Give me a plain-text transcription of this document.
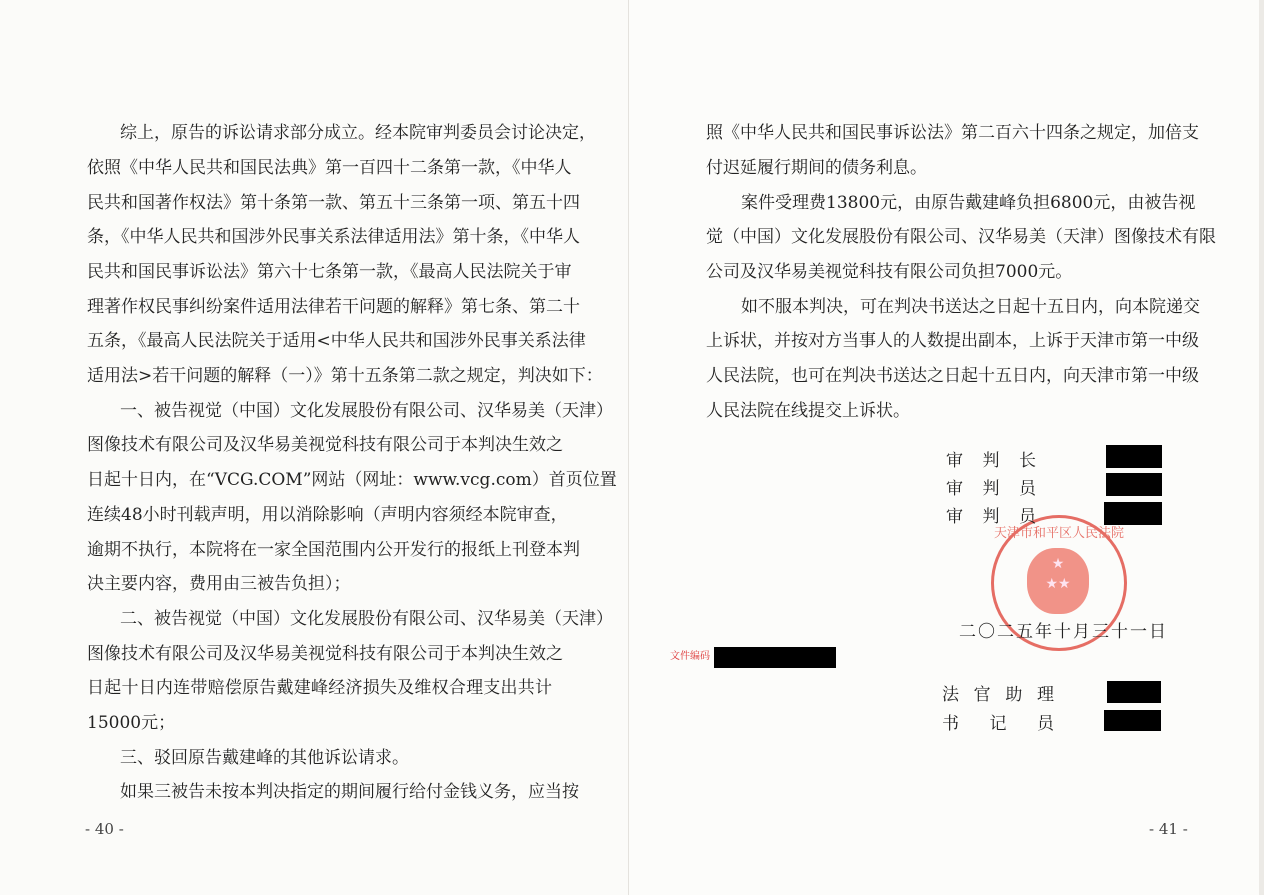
综上，原告的诉讼请求部分成立。经本院审判委员会讨论决定，
依照《中华人民共和国民法典》第一百四十二条第一款，《中华人
民共和国著作权法》第十条第一款、第五十三条第一项、第五十四
条，《中华人民共和国涉外民事关系法律适用法》第十条，《中华人
民共和国民事诉讼法》第六十七条第一款，《最高人民法院关于审
理著作权民事纠纷案件适用法律若干问题的解释》第七条、第二十
五条，《最高人民法院关于适用<中华人民共和国涉外民事关系法律
适用法>若干问题的解释（一）》第十五条第二款之规定，判决如下：
一、被告视觉（中国）文化发展股份有限公司、汉华易美（天津）
图像技术有限公司及汉华易美视觉科技有限公司于本判决生效之
日起十日内，在“VCG.COM”网站（网址：www.vcg.com）首页位置
连续48小时刊载声明，用以消除影响（声明内容须经本院审查，
逾期不执行，本院将在一家全国范围内公开发行的报纸上刊登本判
决主要内容，费用由三被告负担）；
二、被告视觉（中国）文化发展股份有限公司、汉华易美（天津）
图像技术有限公司及汉华易美视觉科技有限公司于本判决生效之
日起十日内连带赔偿原告戴建峰经济损失及维权合理支出共计
15000元；
三、驳回原告戴建峰的其他诉讼请求。
如果三被告未按本判决指定的期间履行给付金钱义务，应当按
- 40 -
天津市和平区人民法院
★
★★
照《中华人民共和国民事诉讼法》第二百六十四条之规定，加倍支
付迟延履行期间的债务利息。
案件受理费13800元，由原告戴建峰负担6800元，由被告视
觉（中国）文化发展股份有限公司、汉华易美（天津）图像技术有限
公司及汉华易美视觉科技有限公司负担7000元。
如不服本判决，可在判决书送达之日起十五日内，向本院递交
上诉状，并按对方当事人的人数提出副本，上诉于天津市第一中级
人民法院，也可在判决书送达之日起十五日内，向天津市第一中级
人民法院在线提交上诉状。
审 判 长
审 判 员
审 判 员
二〇二五年十月三十一日
文件编码
法 官 助 理
书 记 员
- 41 -
